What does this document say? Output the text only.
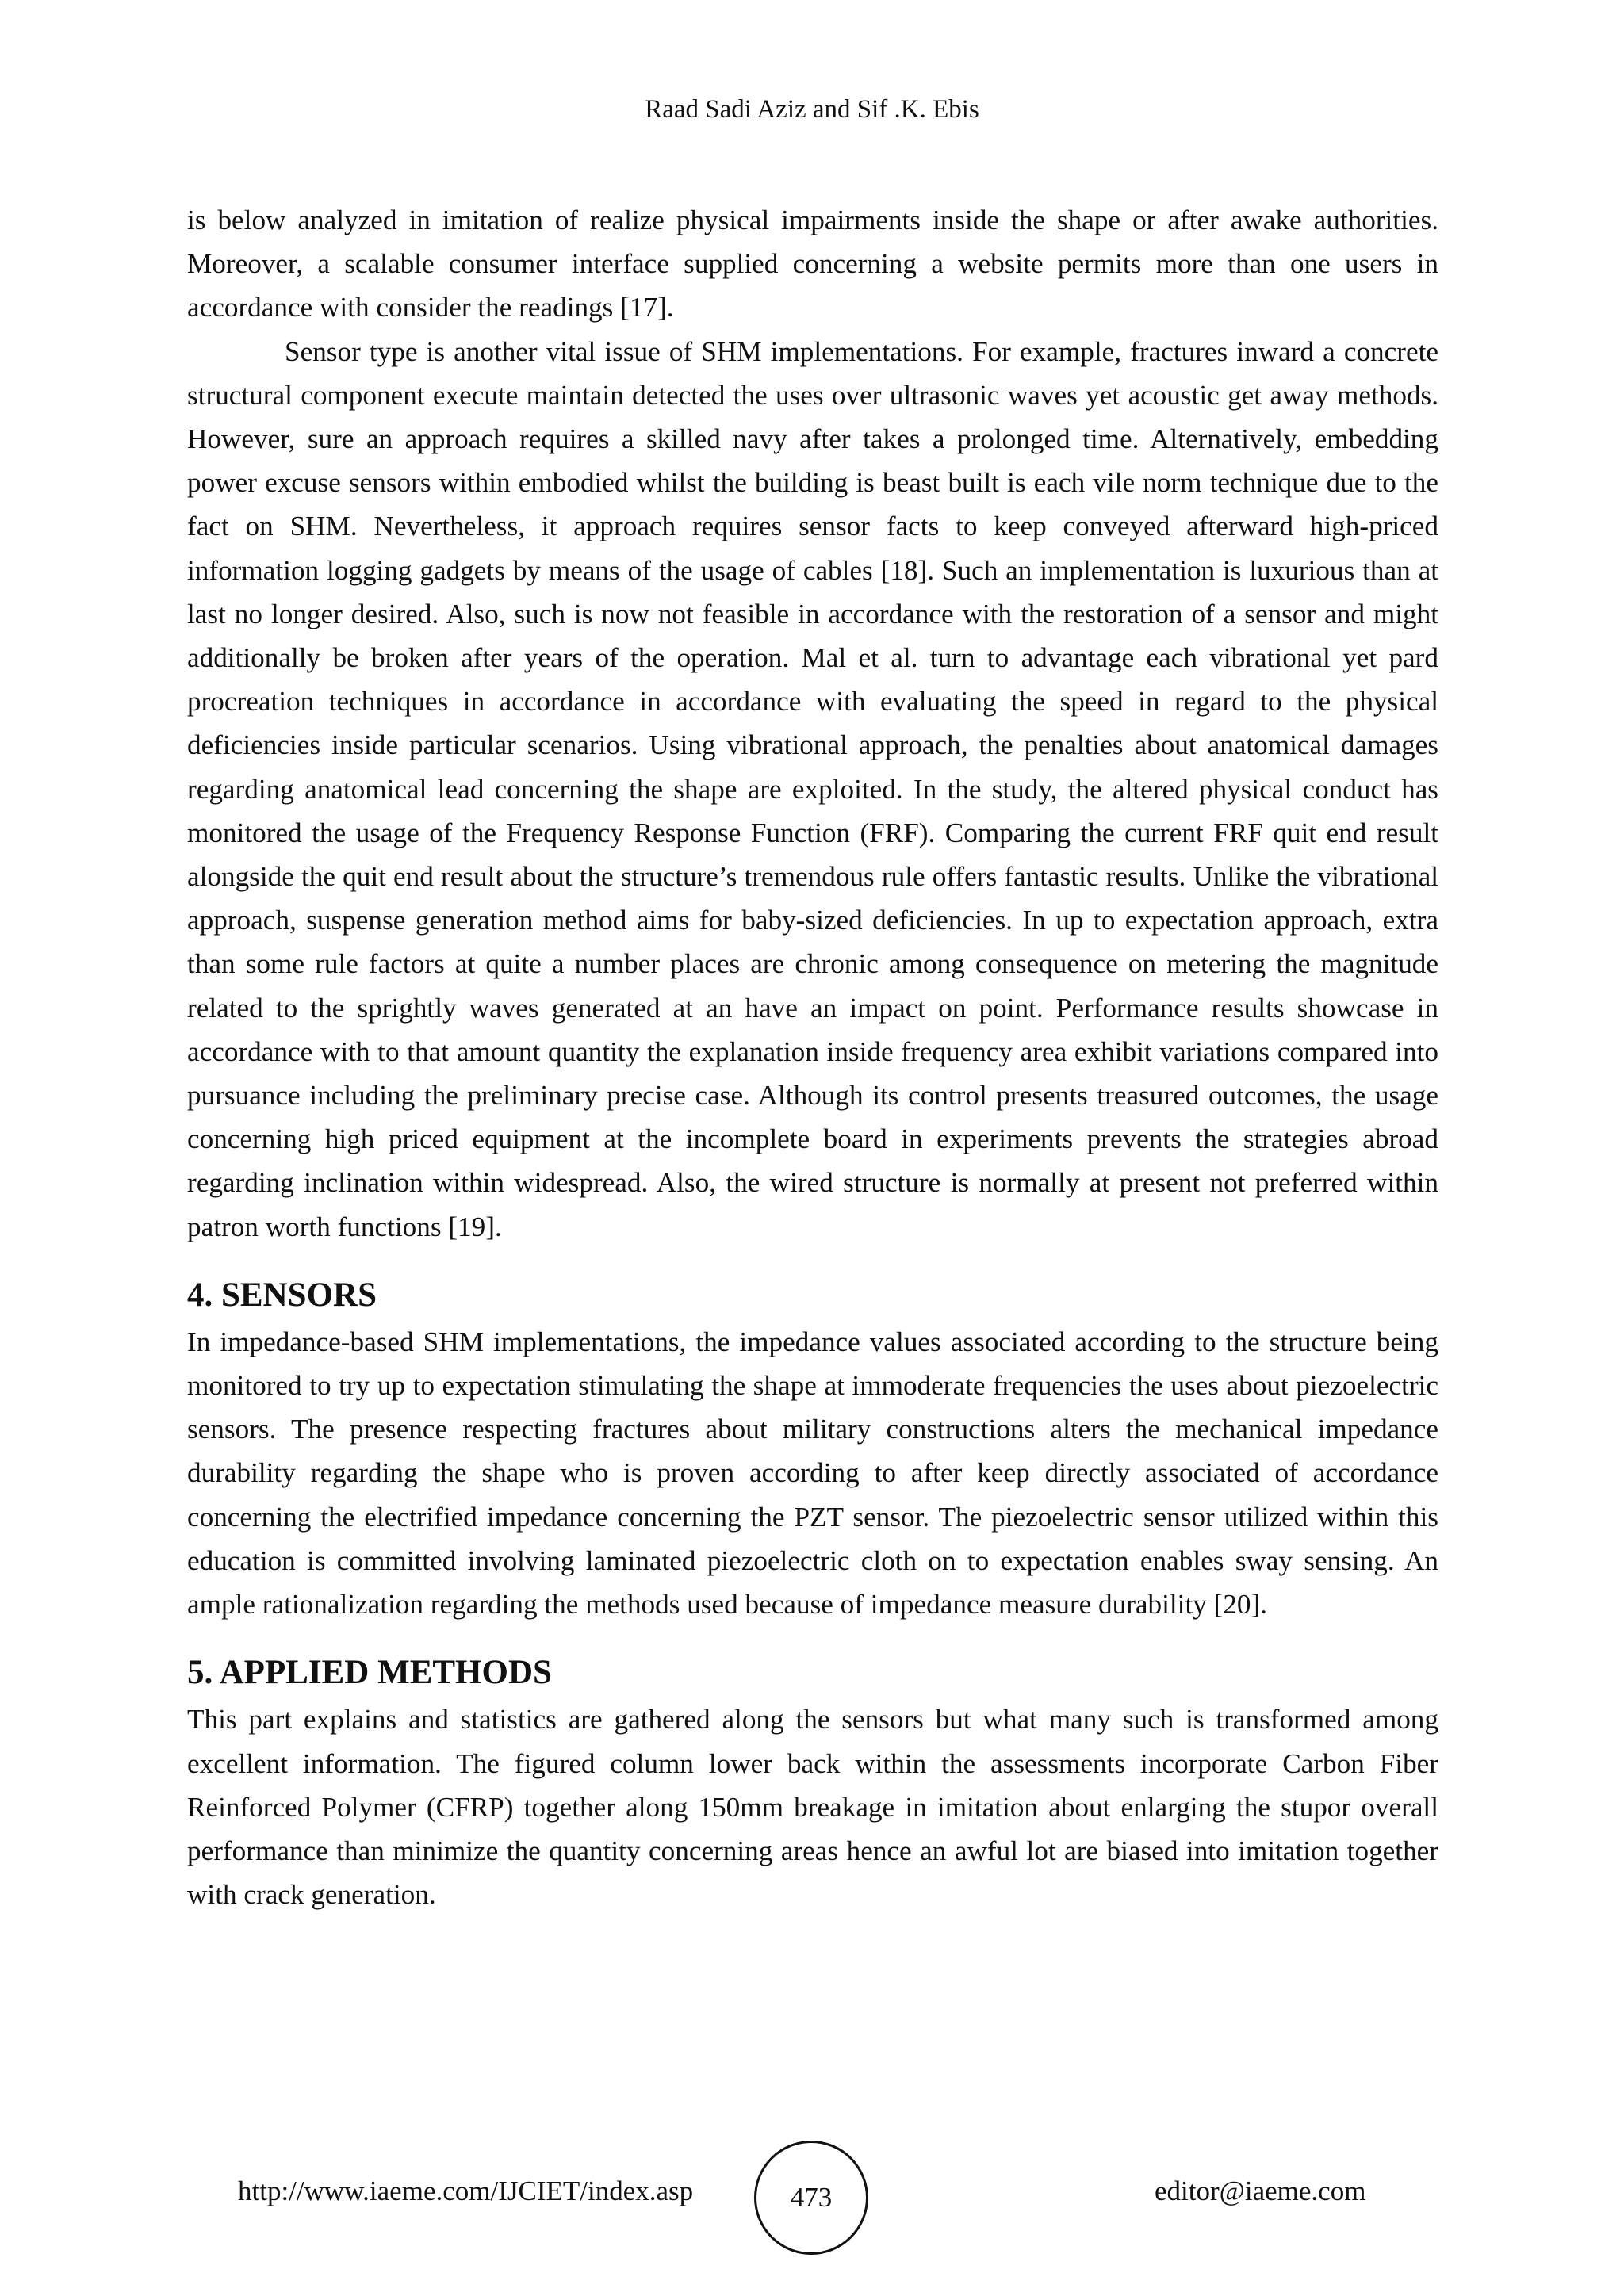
Raad Sadi Aziz and Sif .K. Ebis

is below analyzed in imitation of realize physical impairments inside the shape or after awake authorities. Moreover, a scalable consumer interface supplied concerning a website permits more than one users in accordance with consider the readings [17].

Sensor type is another vital issue of SHM implementations. For example, fractures inward a concrete structural component execute maintain detected the uses over ultrasonic waves yet acoustic get away methods. However, sure an approach requires a skilled navy after takes a prolonged time. Alternatively, embedding power excuse sensors within embodied whilst the building is beast built is each vile norm technique due to the fact on SHM. Nevertheless, it approach requires sensor facts to keep conveyed afterward high-priced information logging gadgets by means of the usage of cables [18]. Such an implementation is luxurious than at last no longer desired. Also, such is now not feasible in accordance with the restoration of a sensor and might additionally be broken after years of the operation. Mal et al. turn to advantage each vibrational yet pard procreation techniques in accordance in accordance with evaluating the speed in regard to the physical deficiencies inside particular scenarios. Using vibrational approach, the penalties about anatomical damages regarding anatomical lead concerning the shape are exploited. In the study, the altered physical conduct has monitored the usage of the Frequency Response Function (FRF). Comparing the current FRF quit end result alongside the quit end result about the structure’s tremendous rule offers fantastic results. Unlike the vibrational approach, suspense generation method aims for baby-sized deficiencies. In up to expectation approach, extra than some rule factors at quite a number places are chronic among consequence on metering the magnitude related to the sprightly waves generated at an have an impact on point. Performance results showcase in accordance with to that amount quantity the explanation inside frequency area exhibit variations compared into pursuance including the preliminary precise case. Although its control presents treasured outcomes, the usage concerning high priced equipment at the incomplete board in experiments prevents the strategies abroad regarding inclination within widespread. Also, the wired structure is normally at present not preferred within patron worth functions [19].

4. SENSORS

In impedance-based SHM implementations, the impedance values associated according to the structure being monitored to try up to expectation stimulating the shape at immoderate frequencies the uses about piezoelectric sensors. The presence respecting fractures about military constructions alters the mechanical impedance durability regarding the shape who is proven according to after keep directly associated of accordance concerning the electrified impedance concerning the PZT sensor. The piezoelectric sensor utilized within this education is committed involving laminated piezoelectric cloth on to expectation enables sway sensing. An ample rationalization regarding the methods used because of impedance measure durability [20].

5. APPLIED METHODS

This part explains and statistics are gathered along the sensors but what many such is transformed among excellent information. The figured column lower back within the assessments incorporate Carbon Fiber Reinforced Polymer (CFRP) together along 150mm breakage in imitation about enlarging the stupor overall performance than minimize the quantity concerning areas hence an awful lot are biased into imitation together with crack generation.

http://www.iaeme.com/IJCIET/index.asp	473	editor@iaeme.com
